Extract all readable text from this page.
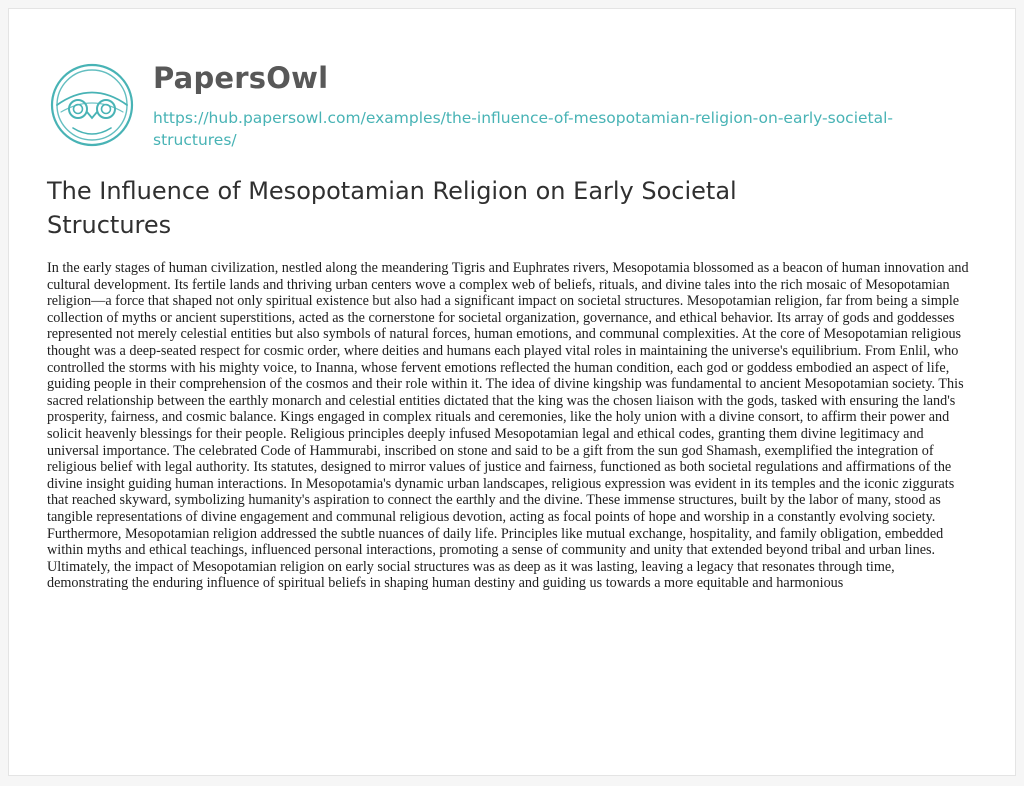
PapersOwl
https://hub.papersowl.com/examples/the-influence-of-mesopotamian-religion-on-early-societal-structures/
The Influence of Mesopotamian Religion on Early Societal Structures

In the early stages of human civilization, nestled along the meandering Tigris and Euphrates rivers, Mesopotamia blossomed as a beacon of human innovation and cultural development. Its fertile lands and thriving urban centers wove a complex web of beliefs, rituals, and divine tales into the rich mosaic of Mesopotamian religion—a force that shaped not only spiritual existence but also had a significant impact on societal structures. Mesopotamian religion, far from being a simple collection of myths or ancient superstitions, acted as the cornerstone for societal organization, governance, and ethical behavior. Its array of gods and goddesses represented not merely celestial entities but also symbols of natural forces, human emotions, and communal complexities. At the core of Mesopotamian religious thought was a deep-seated respect for cosmic order, where deities and humans each played vital roles in maintaining the universe's equilibrium. From Enlil, who controlled the storms with his mighty voice, to Inanna, whose fervent emotions reflected the human condition, each god or goddess embodied an aspect of life, guiding people in their comprehension of the cosmos and their role within it. The idea of divine kingship was fundamental to ancient Mesopotamian society. This sacred relationship between the earthly monarch and celestial entities dictated that the king was the chosen liaison with the gods, tasked with ensuring the land's prosperity, fairness, and cosmic balance. Kings engaged in complex rituals and ceremonies, like the holy union with a divine consort, to affirm their power and solicit heavenly blessings for their people. Religious principles deeply infused Mesopotamian legal and ethical codes, granting them divine legitimacy and universal importance. The celebrated Code of Hammurabi, inscribed on stone and said to be a gift from the sun god Shamash, exemplified the integration of religious belief with legal authority. Its statutes, designed to mirror values of justice and fairness, functioned as both societal regulations and affirmations of the divine insight guiding human interactions. In Mesopotamia's dynamic urban landscapes, religious expression was evident in its temples and the iconic ziggurats that reached skyward, symbolizing humanity's aspiration to connect the earthly and the divine. These immense structures, built by the labor of many, stood as tangible representations of divine engagement and communal religious devotion, acting as focal points of hope and worship in a constantly evolving society. Furthermore, Mesopotamian religion addressed the subtle nuances of daily life. Principles like mutual exchange, hospitality, and family obligation, embedded within myths and ethical teachings, influenced personal interactions, promoting a sense of community and unity that extended beyond tribal and urban lines. Ultimately, the impact of Mesopotamian religion on early social structures was as deep as it was lasting, leaving a legacy that resonates through time, demonstrating the enduring influence of spiritual beliefs in shaping human destiny and guiding us towards a more equitable and harmonious
